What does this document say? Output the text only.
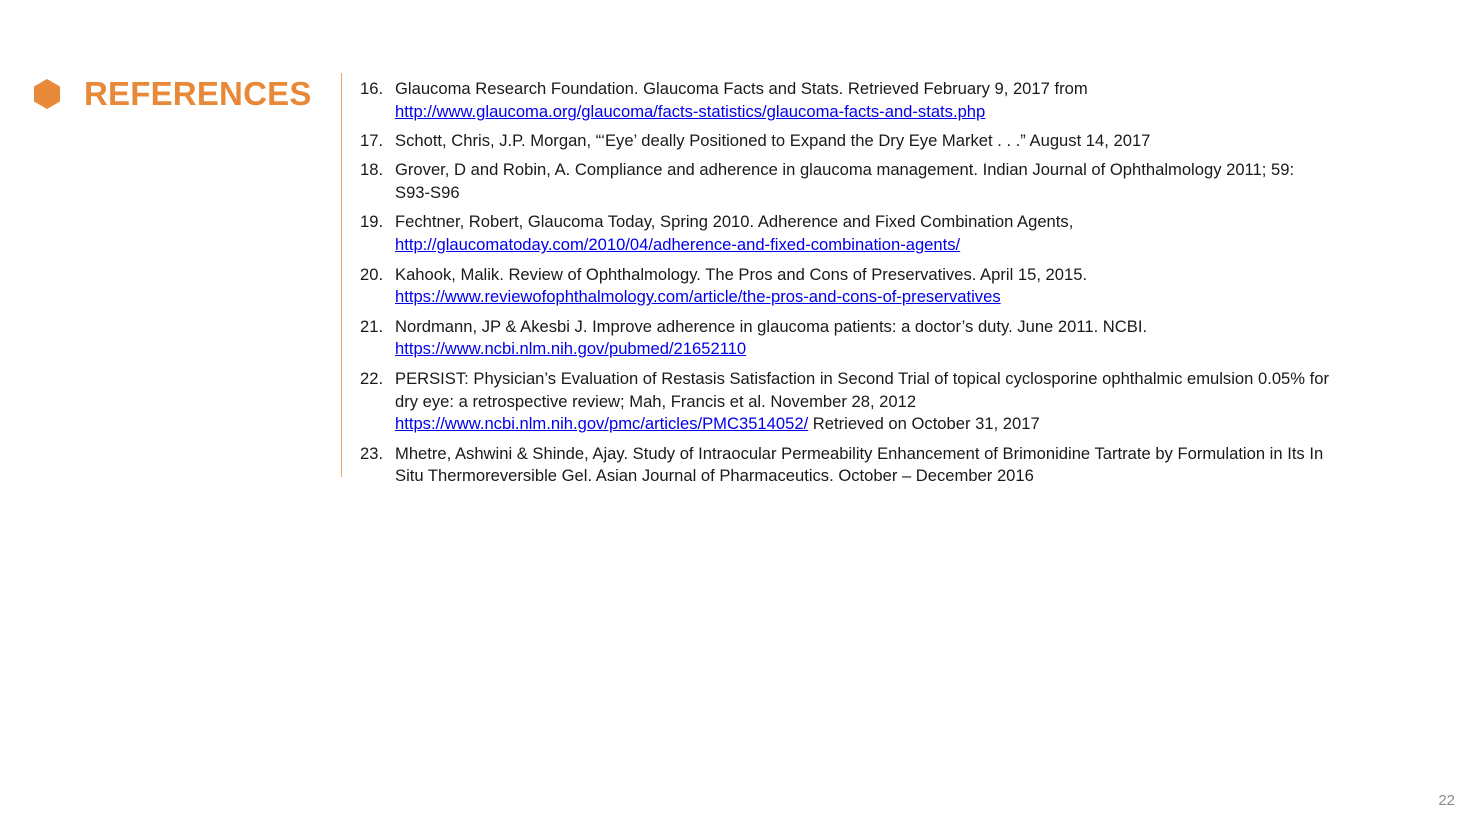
REFERENCES	16. Glaucoma Research Foundation. Glaucoma Facts and Stats. Retrieved February 9, 2017 from
http://www.glaucoma.org/glaucoma/facts-statistics/glaucoma-facts-and-stats.php
17. Schott, Chris, J.P. Morgan, “‘Eye’ deally Positioned to Expand the Dry Eye Market . . .” August 14, 2017
18. Grover, D and Robin, A. Compliance and adherence in glaucoma management. Indian Journal of Ophthalmology 2011; 59:
S93-S96
19. Fechtner, Robert, Glaucoma Today, Spring 2010. Adherence and Fixed Combination Agents,
http://glaucomatoday.com/2010/04/adherence-and-fixed-combination-agents/
20. Kahook, Malik. Review of Ophthalmology. The Pros and Cons of Preservatives. April 15, 2015.
https://www.reviewofophthalmology.com/article/the-pros-and-cons-of-preservatives
21. Nordmann, JP & Akesbi J. Improve adherence in glaucoma patients: a doctor’s duty. June 2011. NCBI.
https://www.ncbi.nlm.nih.gov/pubmed/21652110
22. PERSIST: Physician’s Evaluation of Restasis Satisfaction in Second Trial of topical cyclosporine ophthalmic emulsion 0.05% for
dry eye: a retrospective review; Mah, Francis et al. November 28, 2012
https://www.ncbi.nlm.nih.gov/pmc/articles/PMC3514052/ Retrieved on October 31, 2017
23. Mhetre, Ashwini & Shinde, Ajay. Study of Intraocular Permeability Enhancement of Brimonidine Tartrate by Formulation in Its In
Situ Thermoreversible Gel. Asian Journal of Pharmaceutics. October – December 2016
22
